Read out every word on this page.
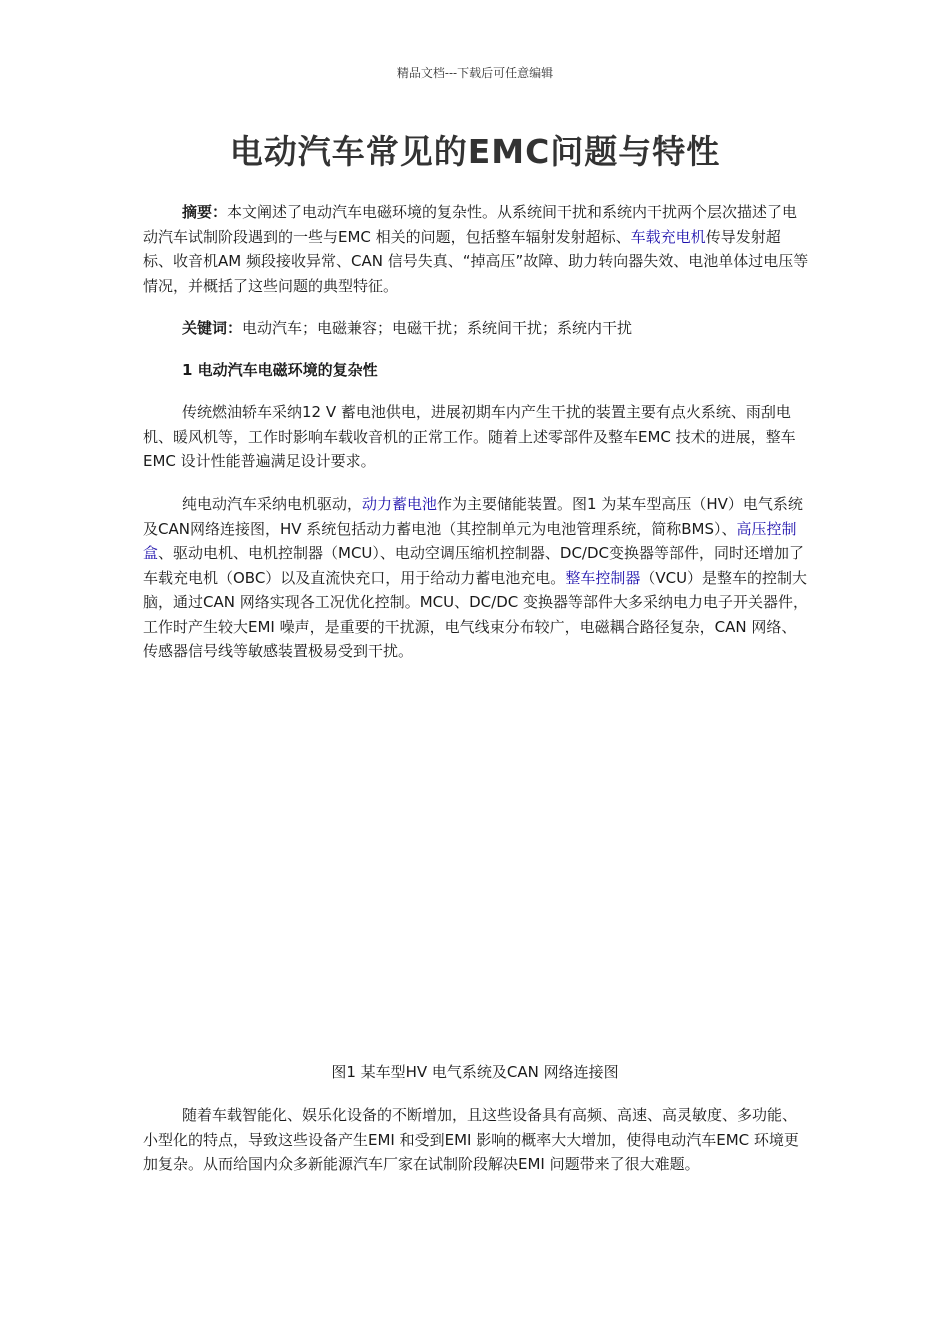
精品文档---下载后可任意编辑
电动汽车常见的EMC问题与特性

摘要：本文阐述了电动汽车电磁环境的复杂性。从系统间干扰和系统内干扰两个层次描述了电动汽车试制阶段遇到的一些与EMC 相关的问题，包括整车辐射发射超标、车载充电机传导发射超标、收音机AM 频段接收异常、CAN 信号失真、“掉高压”故障、助力转向器失效、电池单体过电压等情况，并概括了这些问题的典型特征。

关键词：电动汽车；电磁兼容；电磁干扰；系统间干扰；系统内干扰

1 电动汽车电磁环境的复杂性

传统燃油轿车采纳12 V 蓄电池供电，进展初期车内产生干扰的装置主要有点火系统、雨刮电机、暖风机等，工作时影响车载收音机的正常工作。随着上述零部件及整车EMC 技术的进展，整车EMC 设计性能普遍满足设计要求。

纯电动汽车采纳电机驱动，动力蓄电池作为主要储能装置。图1 为某车型高压（HV）电气系统及CAN网络连接图，HV 系统包括动力蓄电池（其控制单元为电池管理系统，简称BMS）、高压控制盒、驱动电机、电机控制器（MCU）、电动空调压缩机控制器、DC/DC变换器等部件，同时还增加了车载充电机（OBC）以及直流快充口，用于给动力蓄电池充电。整车控制器（VCU）是整车的控制大脑，通过CAN 网络实现各工况优化控制。MCU、DC/DC 变换器等部件大多采纳电力电子开关器件，工作时产生较大EMI 噪声，是重要的干扰源，电气线束分布较广，电磁耦合路径复杂，CAN 网络、传感器信号线等敏感装置极易受到干扰。

图1 某车型HV 电气系统及CAN 网络连接图

随着车载智能化、娱乐化设备的不断增加，且这些设备具有高频、高速、高灵敏度、多功能、小型化的特点，导致这些设备产生EMI 和受到EMI 影响的概率大大增加，使得电动汽车EMC 环境更加复杂。从而给国内众多新能源汽车厂家在试制阶段解决EMI 问题带来了很大难题。
